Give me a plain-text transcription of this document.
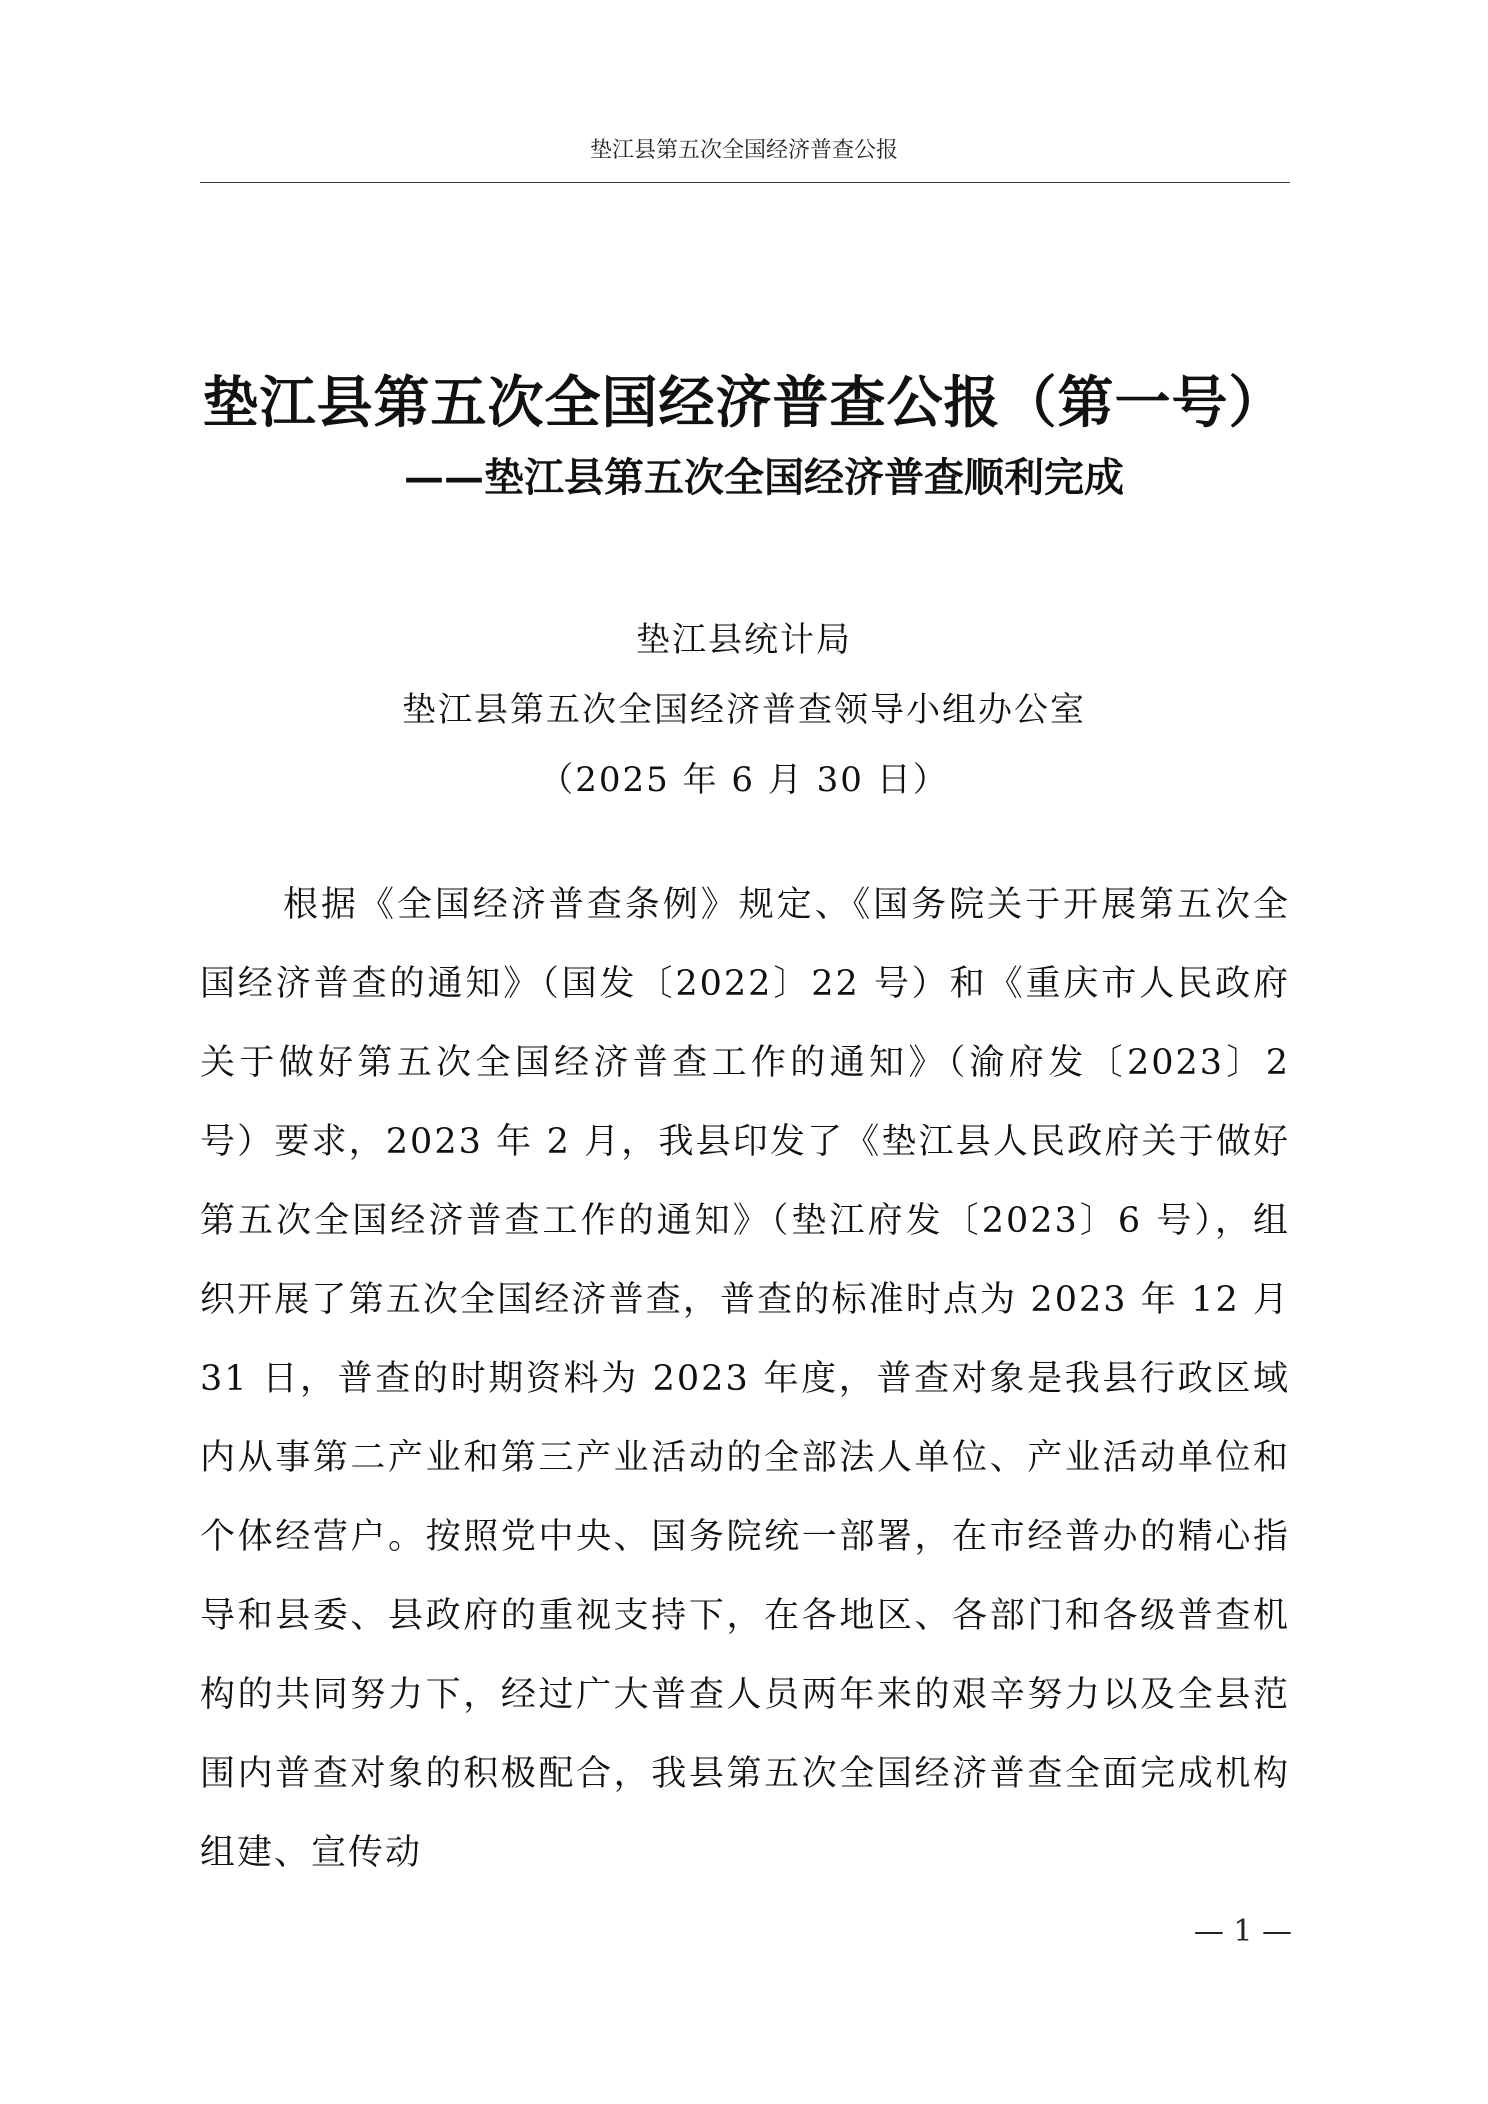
垫江县第五次全国经济普查公报
垫江县第五次全国经济普查公报（第一号）
——垫江县第五次全国经济普查顺利完成
垫江县统计局
垫江县第五次全国经济普查领导小组办公室
（2025 年 6 月 30 日）

根据《全国经济普查条例》规定、《国务院关于开展第五次全国经济普查的通知》（国发〔2022〕22 号）和《重庆市人民政府关于做好第五次全国经济普查工作的通知》（渝府发〔2023〕2 号）要求，2023 年 2 月，我县印发了《垫江县人民政府关于做好第五次全国经济普查工作的通知》（垫江府发〔2023〕6 号），组织开展了第五次全国经济普查，普查的标准时点为 2023 年 12 月 31 日，普查的时期资料为 2023 年度，普查对象是我县行政区域内从事第二产业和第三产业活动的全部法人单位、产业活动单位和个体经营户。按照党中央、国务院统一部署，在市经普办的精心指导和县委、县政府的重视支持下，在各地区、各部门和各级普查机构的共同努力下，经过广大普查人员两年来的艰辛努力以及全县范围内普查对象的积极配合，我县第五次全国经济普查全面完成机构组建、宣传动

— 1 —
